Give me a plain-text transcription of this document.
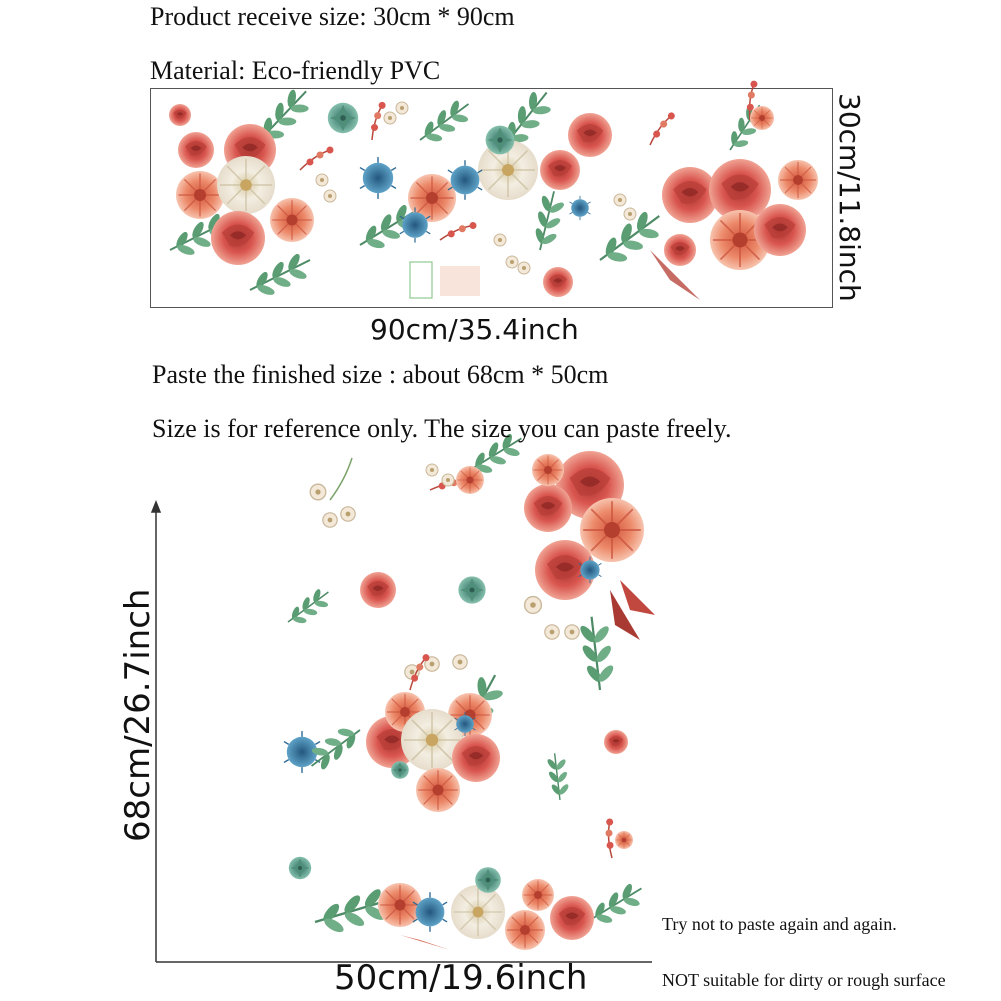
Product receive size: 30cm * 90cm
Material: Eco-friendly PVC
90cm/35.4inch
30cm/11.8inch
Paste the finished size : about 68cm * 50cm
Size is for reference only. The size you can paste freely.
68cm/26.7inch
50cm/19.6inch
Try not to paste again and again.
NOT suitable for dirty or rough surface
